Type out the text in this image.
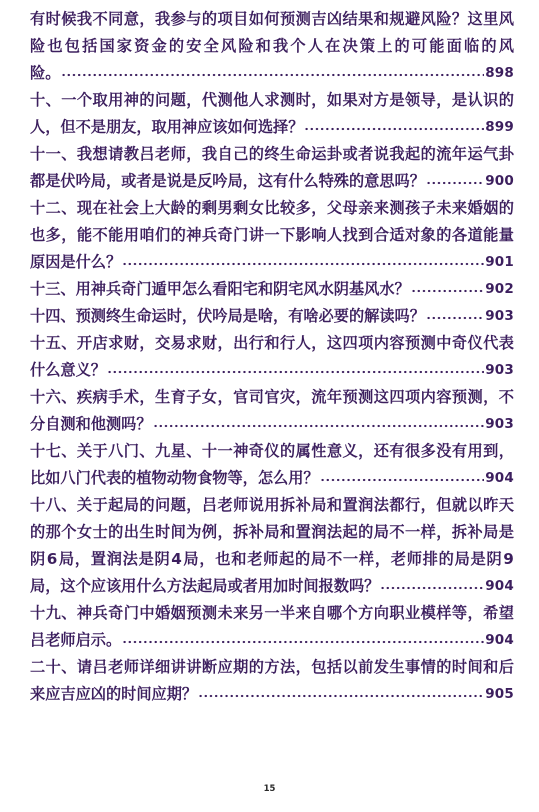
有 时 候 我 不 同 意 ， 我 参 与 的 项 目 如 何 预 测 吉 凶 结 果 和 规 避 风 险 ？ 这 里 风
险 也 包 括 国 家 资 金 的 安 全 风 险 和 我 个 人 在 决 策 上 的 可 能 面 临 的 风
险。	898
十 、 一 个 取 用 神 的 问 题 ， 代 测 他 人 求 测 时 ， 如 果 对 方 是 领 导 ， 是 认 识 的
人，但不是朋友，取用神应该如何选择？	899
十 一 、 我 想 请 教 吕 老 师 ， 我 自 己 的 终 生 命 运 卦 或 者 说 我 起 的 流 年 运 气 卦
都是伏吟局，或者是说是反吟局，这有什么特殊的意思吗？	900
十 二 、 现 在 社 会 上 大 龄 的 剩 男 剩 女 比 较 多 ， 父 母 亲 来 测 孩 子 未 来 婚 姻 的
也 多 ， 能 不 能 用 咱 们 的 神 兵 奇 门 讲 一 下 影 响 人 找 到 合 适 对 象 的 各 道 能 量
原因是什么？	901
十三、用神兵奇门遁甲怎么看阳宅和阴宅风水阴基风水？	902
十四、预测终生命运时，伏吟局是啥，有啥必要的解读吗？	903
十 五 、 开 店 求 财 ， 交 易 求 财 ， 出 行 和 行 人 ， 这 四 项 内 容 预 测 中 奇 仪 代 表
什么意义？	903
十 六 、 疾 病 手 术 ， 生 育 子 女 ， 官 司 官 灾 ， 流 年 预 测 这 四 项 内 容 预 测 ， 不
分自测和他测吗？	903
十 七 、 关 于 八 门 、 九 星 、 十 一 神 奇 仪 的 属 性 意 义 ， 还 有 很 多 没 有 用 到 ，
比如八门代表的植物动物食物等，怎么用？	904
十 八 、 关 于 起 局 的 问 题 ， 吕 老 师 说 用 拆 补 局 和 置 润 法 都 行 ， 但 就 以 昨 天
的 那 个 女 士 的 出 生 时 间 为 例 ， 拆 补 局 和 置 润 法 起 的 局 不 一 样 ， 拆 补 局 是
阴 6 局 ， 置 润 法 是 阴 4 局 ， 也 和 老 师 起 的 局 不 一 样 ， 老 师 排 的 局 是 阴 9
局，这个应该用什么方法起局或者用加时间报数吗？	904
十 九 、 神 兵 奇 门 中 婚 姻 预 测 未 来 另 一 半 来 自 哪 个 方 向 职 业 模 样 等 ， 希 望
吕老师启示。	904
二 十 、 请 吕 老 师 详 细 讲 讲 断 应 期 的 方 法 ， 包 括 以 前 发 生 事 情 的 时 间 和 后
来应吉应凶的时间应期？	905
15
